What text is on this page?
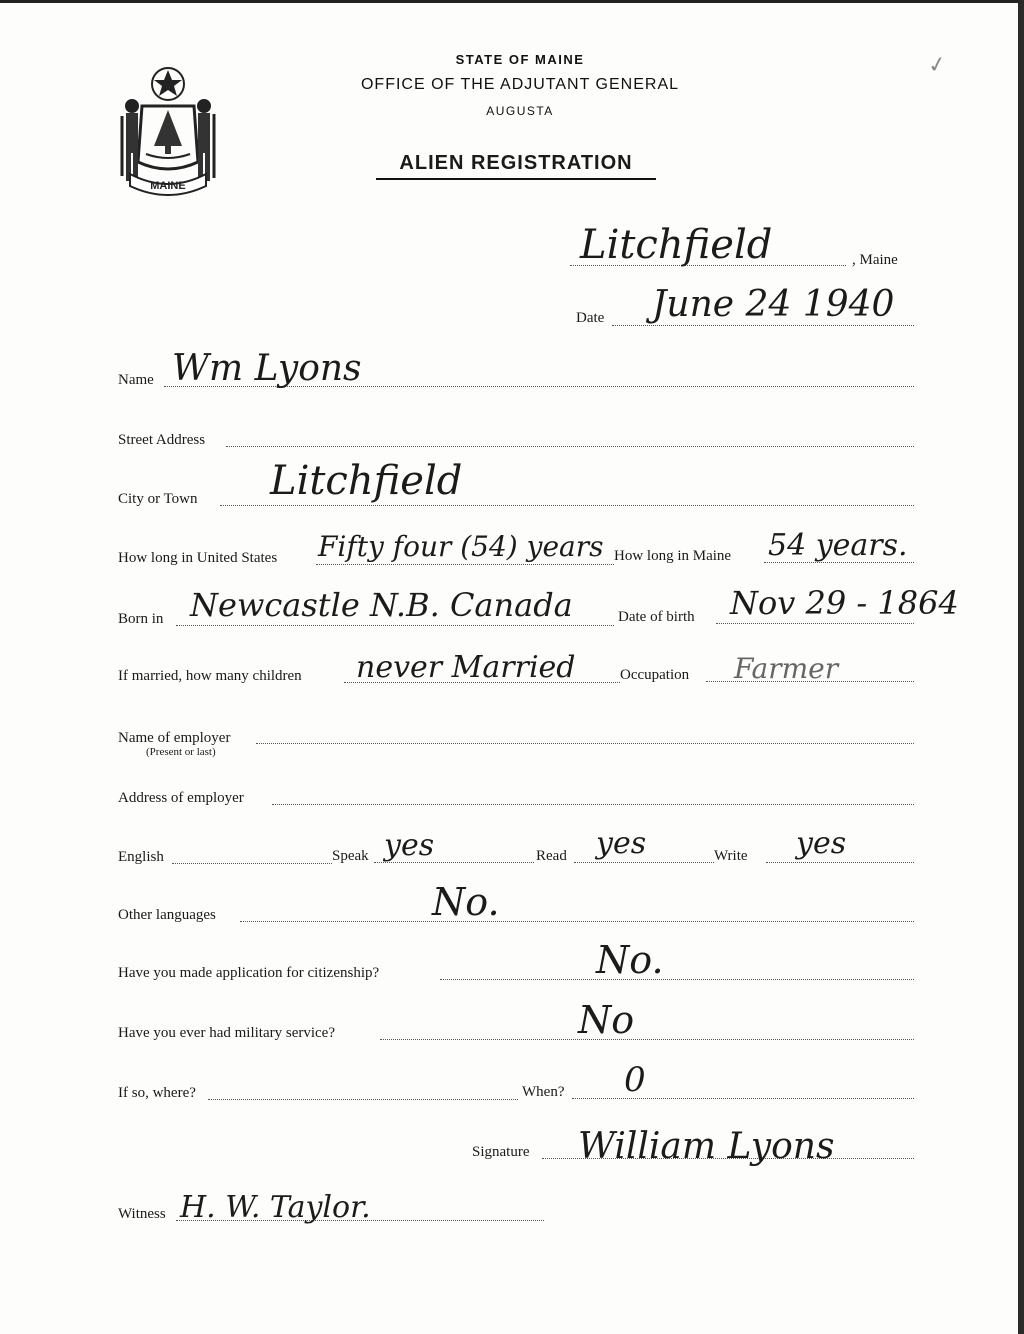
✓
MAINE
STATE OF MAINE
OFFICE OF THE ADJUTANT GENERAL
AUGUSTA
ALIEN REGISTRATION
Litchfield	, Maine
Date June 24 1940
Name Wm Lyons
Street Address
City or Town Litchfield
How long in United States Fifty four (54) years How long in Maine 54 years.
Born in Newcastle N.B. Canada	Date of birth Nov 29 - 1864
If married, how many children never Married	Occupation Farmer
Name of employer
(Present or last)
Address of employer
English	Speak yes	Read yes	Write yes
Other languages	No.
Have you made application for citizenship?	No.
Have you ever had military service?	No
If so, where?	When? 0
Signature William Lyons
Witness H. W. Taylor.
